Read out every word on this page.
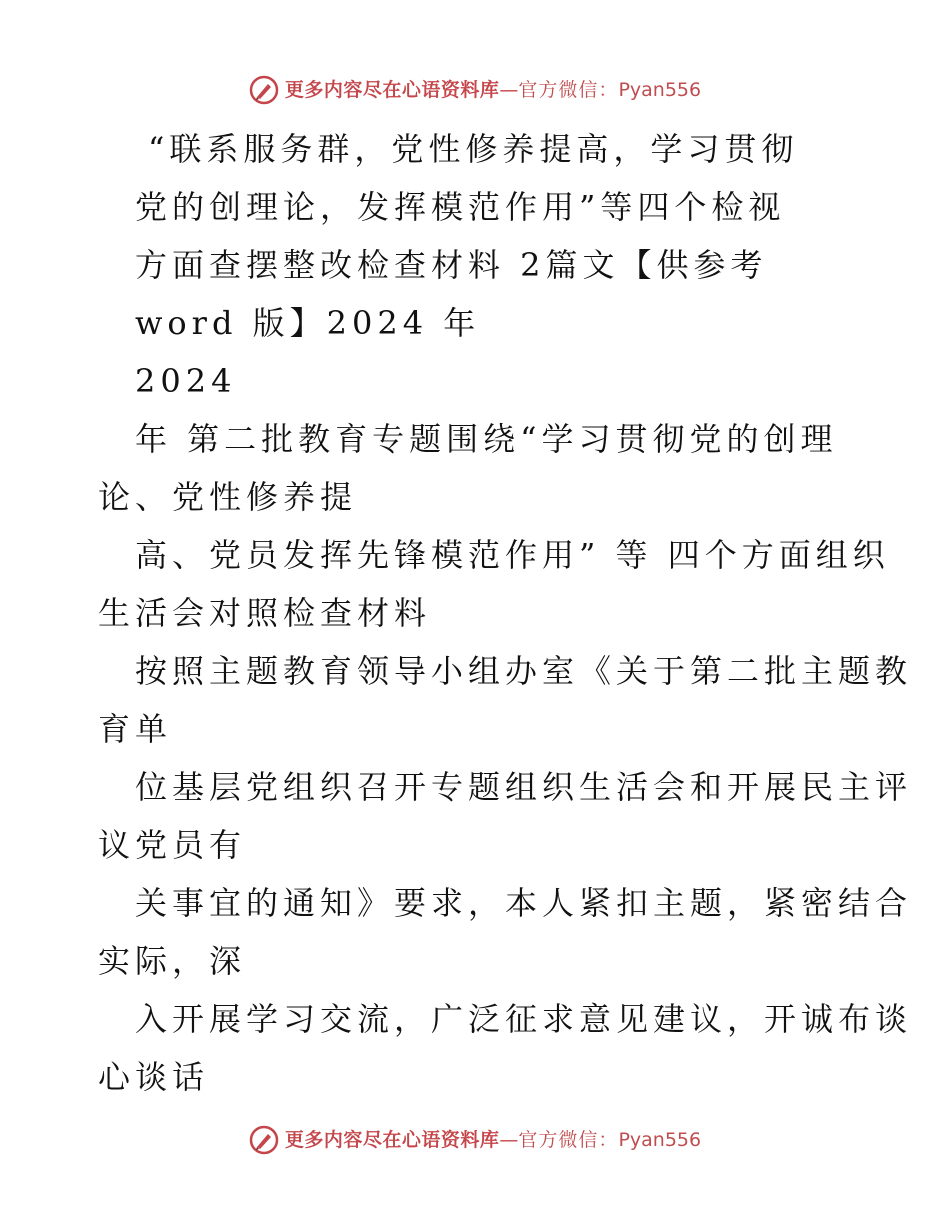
更多内容尽在心语资料库 — 官方微信： Pyan556
“联系服务群，党性修养提高，学习贯彻
党的创理论，发挥模范作用”等四个检视
方面查摆整改检查材料 2篇文【供参考
word 版】2024 年
2024
年 第二批教育专题围绕“学习贯彻党的创理
论、党性修养提
高、党员发挥先锋模范作用” 等 四个方面组织
生活会对照检查材料
按照主题教育领导小组办室《关于第二批主题教
育单
位基层党组织召开专题组织生活会和开展民主评
议党员有
关事宜的通知》要求，本人紧扣主题，紧密结合
实际，深
入开展学习交流，广泛征求意见建议，开诚布谈
心谈话
更多内容尽在心语资料库 — 官方微信： Pyan556
